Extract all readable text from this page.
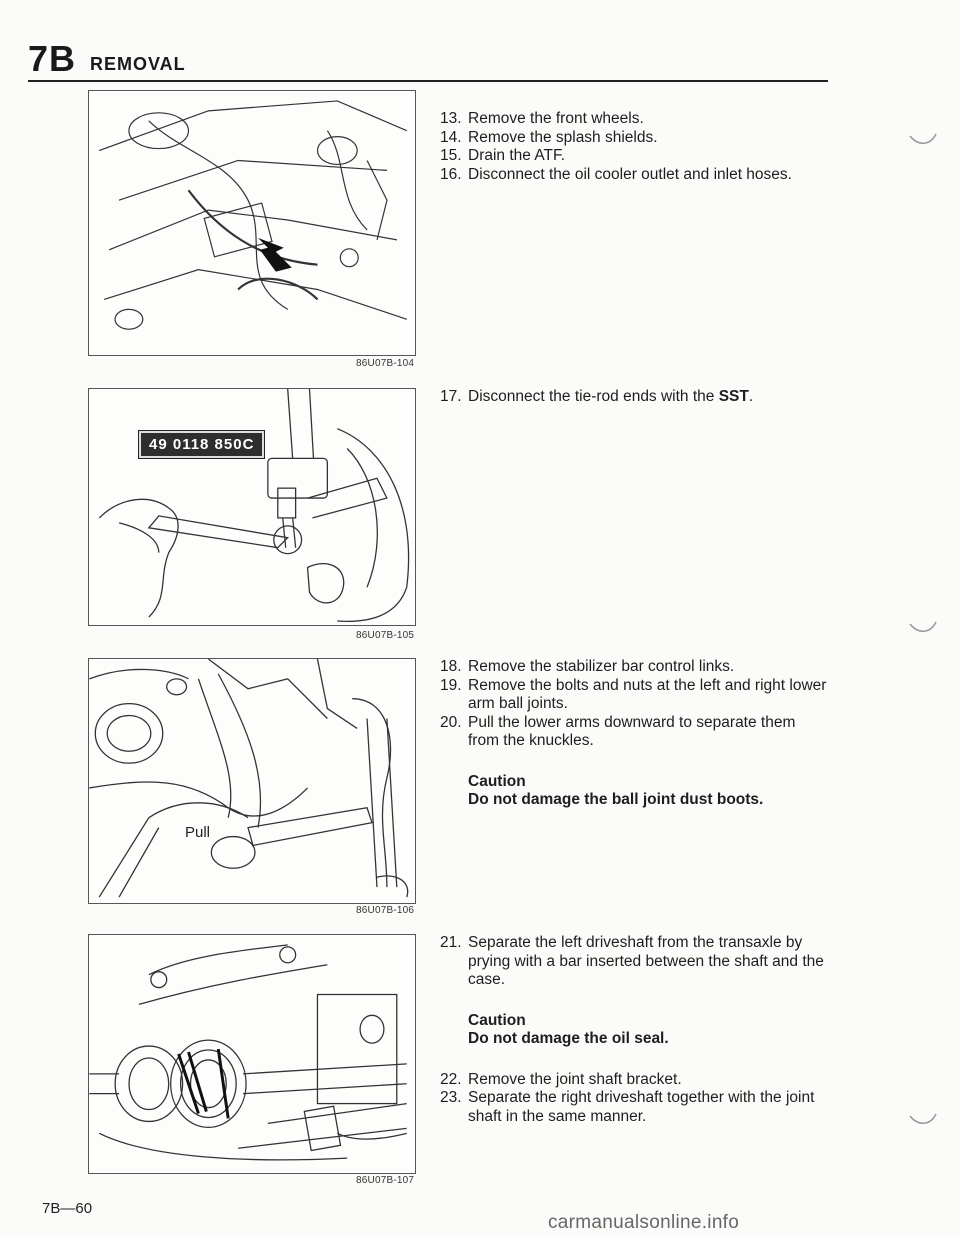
7B REMOVAL
86U07B-104
49 0118 850C
86U07B-105
Pull
86U07B-106
86U07B-107
13. Remove the front wheels.
14. Remove the splash shields.
15. Drain the ATF.
16. Disconnect the oil cooler outlet and inlet hoses.
17. Disconnect the tie-rod ends with the SST.
18. Remove the stabilizer bar control links.
19. Remove the bolts and nuts at the left and right lower arm ball joints.
20. Pull the lower arms downward to separate them from the knuckles.
Caution
Do not damage the ball joint dust boots.
21. Separate the left driveshaft from the transaxle by prying with a bar inserted between the shaft and the case.
Caution
Do not damage the oil seal.
22. Remove the joint shaft bracket.
23. Separate the right driveshaft together with the joint shaft in the same manner.
7B—60
carmanualsonline.info
